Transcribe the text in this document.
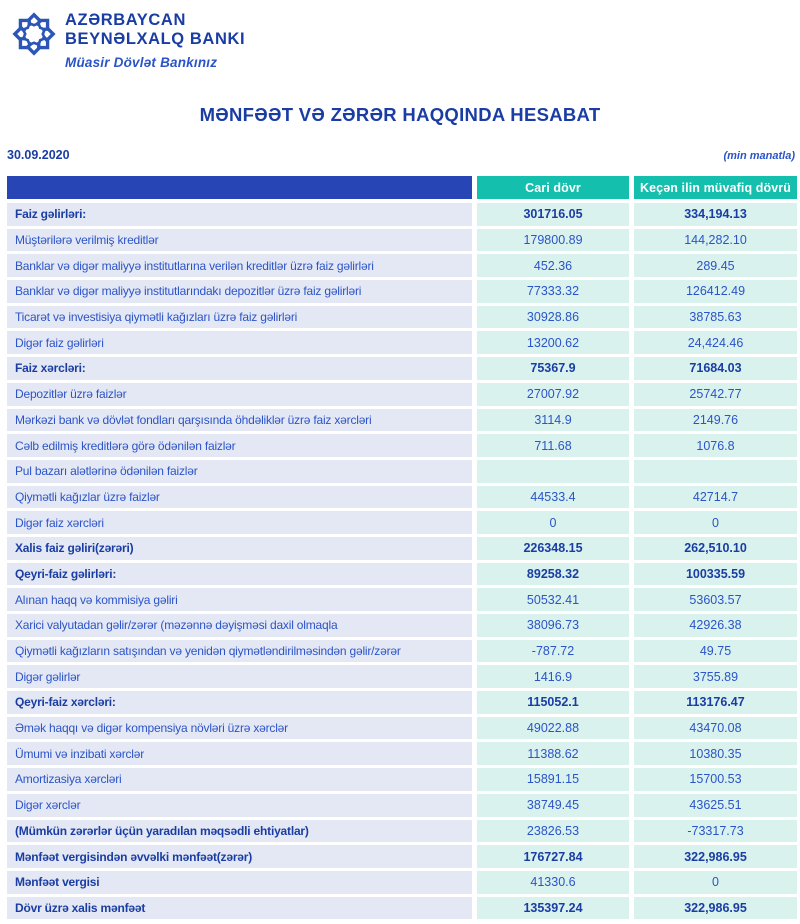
AZƏRBAYCAN
BEYNƏLXALQ BANKI
Müasir Dövlət Bankınız
MƏNFƏƏT VƏ ZƏRƏR HAQQINDA HESABAT
30.09.2020	(min manatla)
Cari dövr	Keçən ilin müvafiq dövrü
Faiz gəlirləri:	301716.05	334,194.13
Müştərilərə verilmiş kreditlər	179800.89	144,282.10
Banklar və digər maliyyə institutlarına verilən kreditlər üzrə faiz gəlirləri	452.36	289.45
Banklar və digər maliyyə institutlarındakı depozitlər üzrə faiz gəlirləri	77333.32	126412.49
Ticarət və investisiya qiymətli kağızları üzrə faiz gəlirləri	30928.86	38785.63
Digər faiz gəlirləri	13200.62	24,424.46
Faiz xərcləri:	75367.9	71684.03
Depozitlər üzrə faizlər	27007.92	25742.77
Mərkəzi bank və dövlət fondları qarşısında öhdəliklər üzrə faiz xərcləri	3114.9	2149.76
Cəlb edilmiş kreditlərə görə ödənilən faizlər	711.68	1076.8
Pul bazarı alətlərinə ödənilən faizlər
Qiymətli kağızlar üzrə faizlər	44533.4	42714.7
Digər faiz xərcləri	0	0
Xalis faiz gəliri(zərəri)	226348.15	262,510.10
Qeyri-faiz gəlirləri:	89258.32	100335.59
Alınan haqq və kommisiya gəliri	50532.41	53603.57
Xarici valyutadan gəlir/zərər (məzənnə dəyişməsi daxil olmaqla	38096.73	42926.38
Qiymətli kağızların satışından və yenidən qiymətləndirilməsindən gəlir/zərər	-787.72	49.75
Digər gəlirlər	1416.9	3755.89
Qeyri-faiz xərcləri:	115052.1	113176.47
Əmək haqqı və digər kompensiya növləri üzrə xərclər	49022.88	43470.08
Ümumi və inzibati xərclər	11388.62	10380.35
Amortizasiya xərcləri	15891.15	15700.53
Digər xərclər	38749.45	43625.51
(Mümkün zərərlər üçün yaradılan məqsədli ehtiyatlar)	23826.53	-73317.73
Mənfəət vergisindən əvvəlki mənfəət(zərər)	176727.84	322,986.95
Mənfəət vergisi	41330.6	0
Dövr üzrə xalis mənfəət	135397.24	322,986.95
